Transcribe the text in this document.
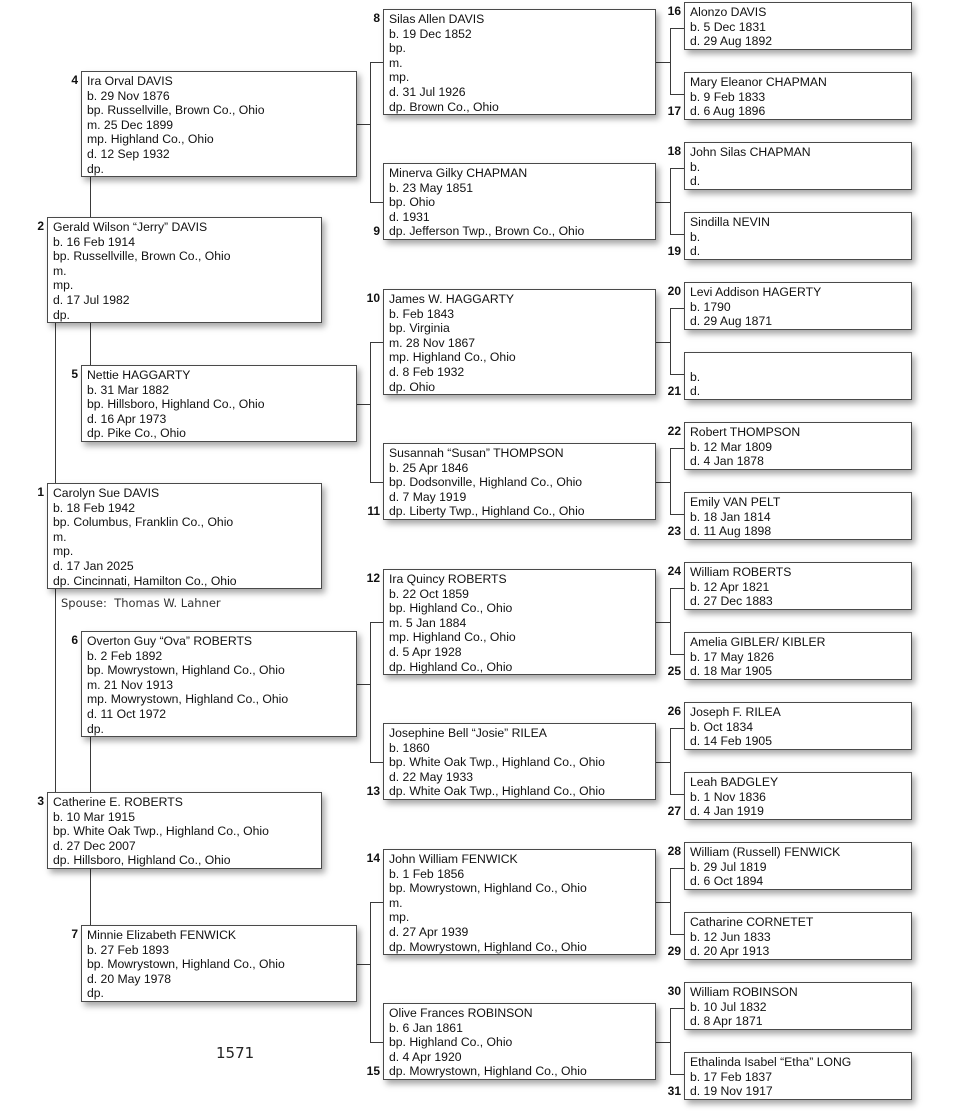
Carolyn Sue DAVIS
b. 18 Feb 1942
bp. Columbus, Franklin Co., Ohio
m.
mp.
d. 17 Jan 2025
dp. Cincinnati, Hamilton Co., Ohio
1
Gerald Wilson “Jerry” DAVIS
b. 16 Feb 1914
bp. Russellville, Brown Co., Ohio
m.
mp.
d. 17 Jul 1982
dp.
2
Catherine E. ROBERTS
b. 10 Mar 1915
bp. White Oak Twp., Highland Co., Ohio
d. 27 Dec 2007
dp. Hillsboro, Highland Co., Ohio
3
Ira Orval DAVIS
b. 29 Nov 1876
bp. Russellville, Brown Co., Ohio
m. 25 Dec 1899
mp. Highland Co., Ohio
d. 12 Sep 1932
dp.
4
Nettie HAGGARTY
b. 31 Mar 1882
bp. Hillsboro, Highland Co., Ohio
d. 16 Apr 1973
dp. Pike Co., Ohio
5
Overton Guy “Ova” ROBERTS
b. 2 Feb 1892
bp. Mowrystown, Highland Co., Ohio
m. 21 Nov 1913
mp. Mowrystown, Highland Co., Ohio
d. 11 Oct 1972
dp.
6
Minnie Elizabeth FENWICK
b. 27 Feb 1893
bp. Mowrystown, Highland Co., Ohio
d. 20 May 1978
dp.
7
Silas Allen DAVIS
b. 19 Dec 1852
bp.
m.
mp.
d. 31 Jul 1926
dp. Brown Co., Ohio
8
Minerva Gilky CHAPMAN
b. 23 May 1851
bp. Ohio
d. 1931
dp. Jefferson Twp., Brown Co., Ohio
9
James W. HAGGARTY
b. Feb 1843
bp. Virginia
m. 28 Nov 1867
mp. Highland Co., Ohio
d. 8 Feb 1932
dp. Ohio
10
Susannah “Susan” THOMPSON
b. 25 Apr 1846
bp. Dodsonville, Highland Co., Ohio
d. 7 May 1919
dp. Liberty Twp., Highland Co., Ohio
11
Ira Quincy ROBERTS
b. 22 Oct 1859
bp. Highland Co., Ohio
m. 5 Jan 1884
mp. Highland Co., Ohio
d. 5 Apr 1928
dp. Highland Co., Ohio
12
Josephine Bell “Josie” RILEA
b. 1860
bp. White Oak Twp., Highland Co., Ohio
d. 22 May 1933
dp. White Oak Twp., Highland Co., Ohio
13
John William FENWICK
b. 1 Feb 1856
bp. Mowrystown, Highland Co., Ohio
m.
mp.
d. 27 Apr 1939
dp. Mowrystown, Highland Co., Ohio
14
Olive Frances ROBINSON
b. 6 Jan 1861
bp. Highland Co., Ohio
d. 4 Apr 1920
dp. Mowrystown, Highland Co., Ohio
15
Alonzo DAVIS
b. 5 Dec 1831
d. 29 Aug 1892
16
Mary Eleanor CHAPMAN
b. 9 Feb 1833
d. 6 Aug 1896
17
John Silas CHAPMAN
b.
d.
18
Sindilla NEVIN
b.
d.
19
Levi Addison HAGERTY
b. 1790
d. 29 Aug 1871
20

b.
d.
21
Robert THOMPSON
b. 12 Mar 1809
d. 4 Jan 1878
22
Emily VAN PELT
b. 18 Jan 1814
d. 11 Aug 1898
23
William ROBERTS
b. 12 Apr 1821
d. 27 Dec 1883
24
Amelia GIBLER/ KIBLER
b. 17 May 1826
d. 18 Mar 1905
25
Joseph F. RILEA
b. Oct 1834
d. 14 Feb 1905
26
Leah BADGLEY
b. 1 Nov 1836
d. 4 Jan 1919
27
William (Russell) FENWICK
b. 29 Jul 1819
d. 6 Oct 1894
28
Catharine CORNETET
b. 12 Jun 1833
d. 20 Apr 1913
29
William ROBINSON
b. 10 Jul 1832
d. 8 Apr 1871
30
Ethalinda Isabel “Etha” LONG
b. 17 Feb 1837
d. 19 Nov 1917
31
Spouse: Thomas W. Lahner
1571
